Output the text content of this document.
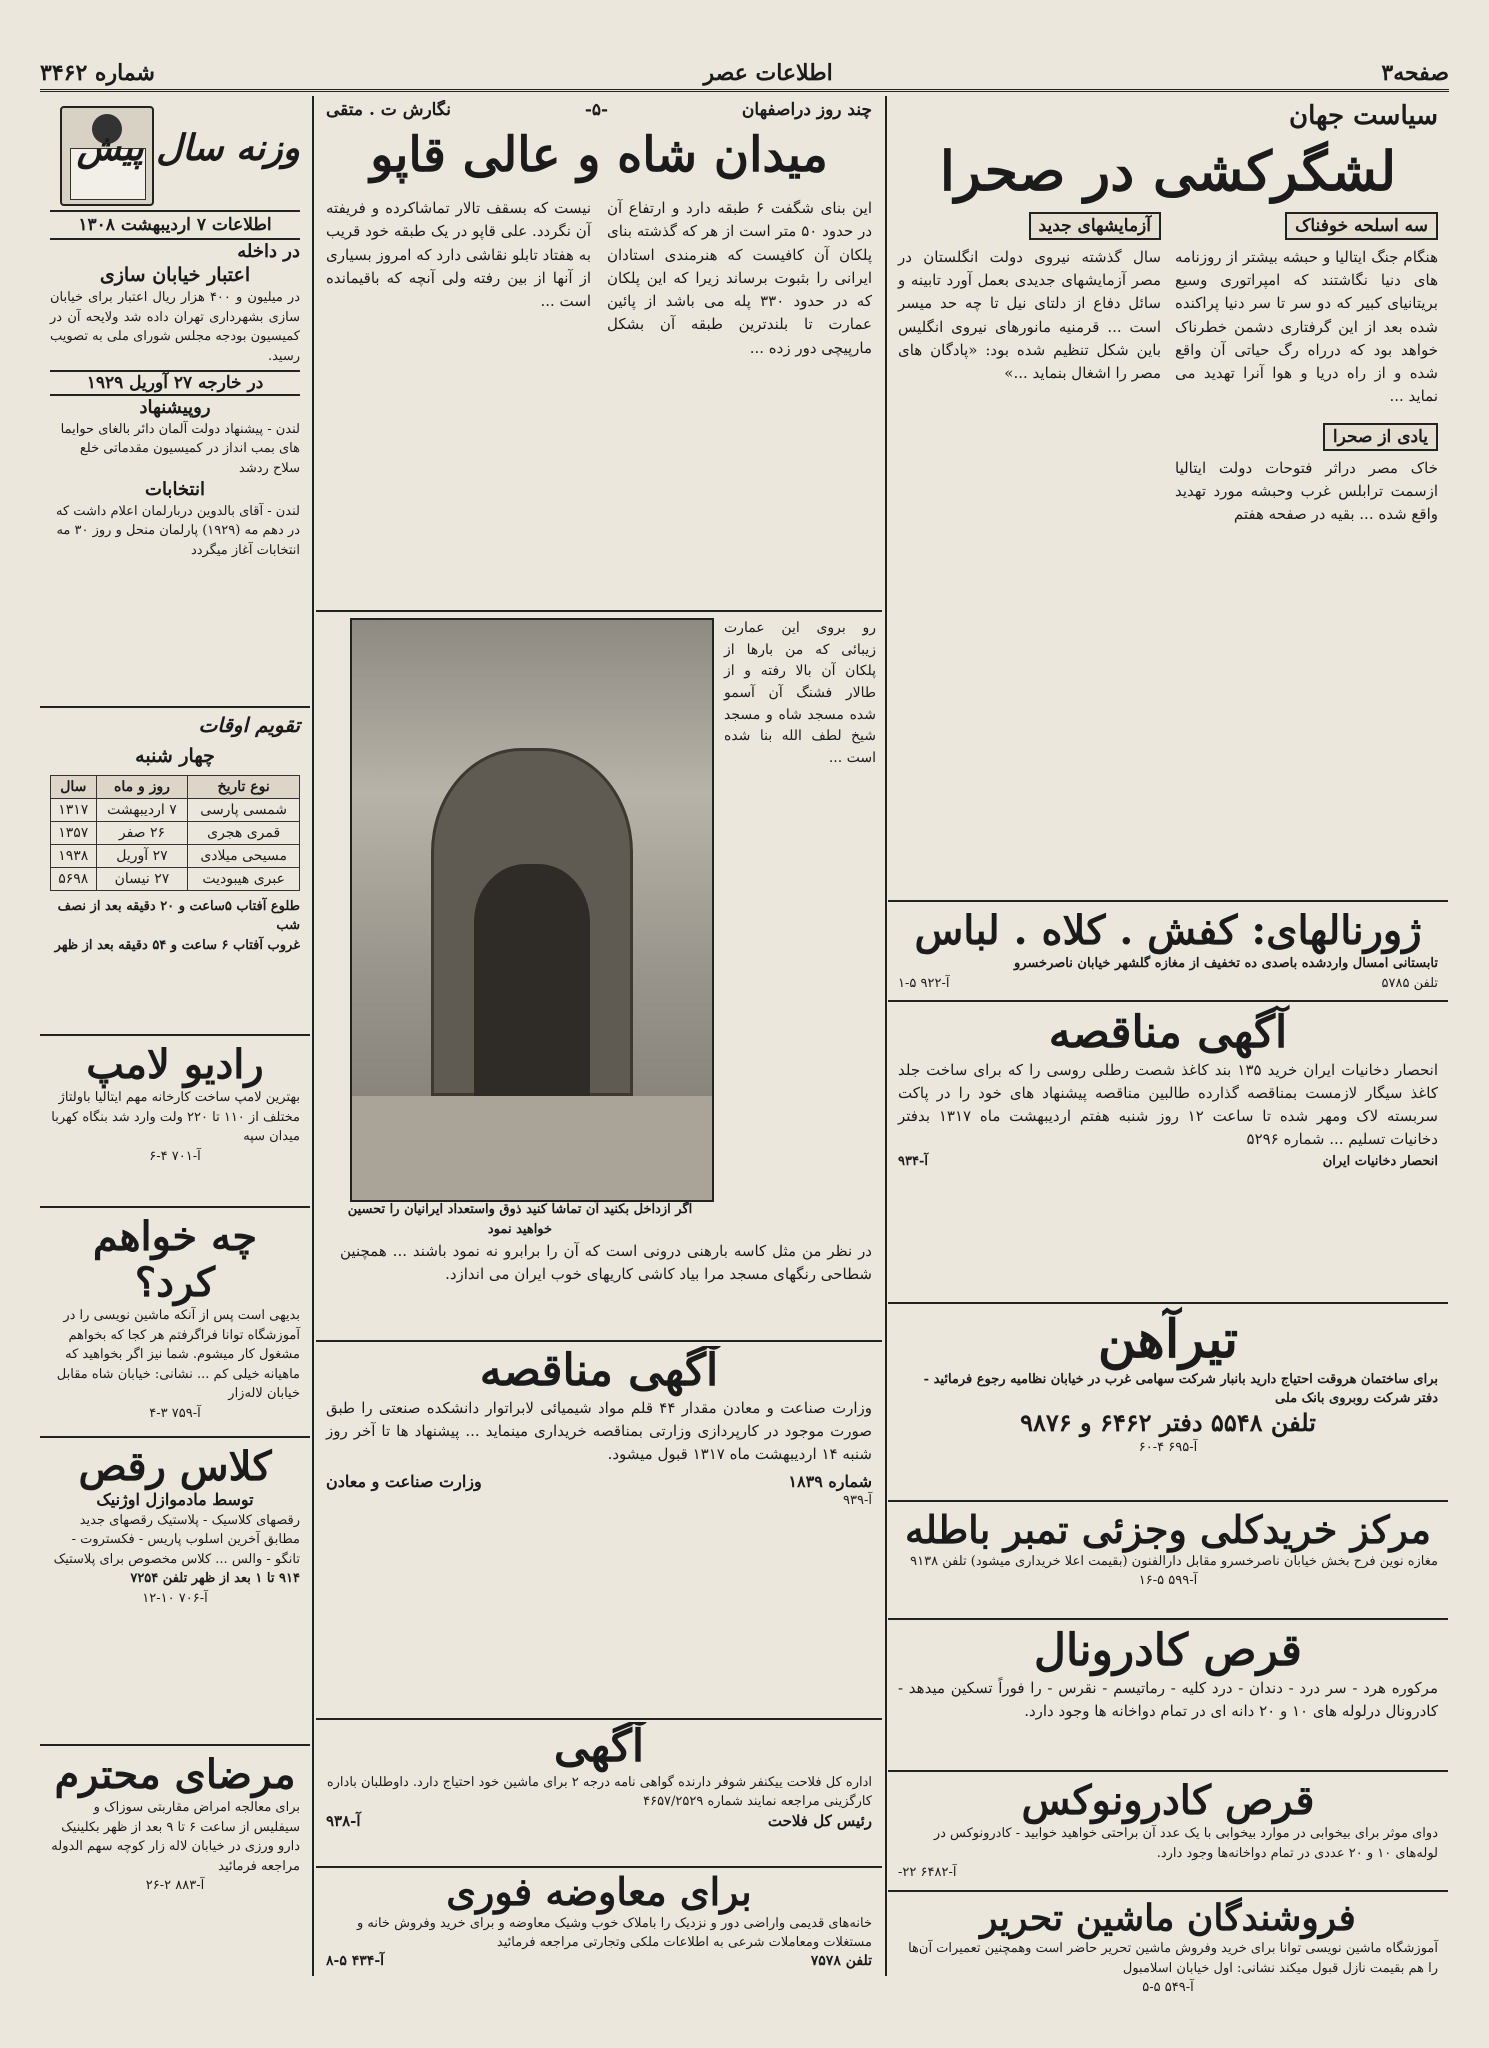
صفحه۳
اطلاعات عصر
شماره ۳۴۶۲
سیاست جهان
لشگرکشی در صحرا
سه اسلحه خوفناک
هنگام جنگ ایتالیا و حبشه بیشتر از روزنامه های دنیا نگاشتند که امپراتوری وسیع بریتانیای کبیر که دو سر تا سر دنیا پراکنده شده بعد از این گرفتاری دشمن خطرناک خواهد بود که درراه رگ حیاتی آن واقع شده و از راه دریا و هوا آنرا تهدید می نماید ...
یادی از صحرا
خاک مصر دراثر فتوحات دولت ایتالیا ازسمت ترابلس غرب وحبشه مورد تهدید واقع شده ... بقیه در صفحه هفتم
آزمایشهای جدید
سال گذشته نیروی دولت انگلستان در مصر آزمایشهای جدیدی بعمل آورد تابینه و سائل دفاع از دلتای نیل تا چه حد میسر است ... قرمنیه مانورهای نیروی انگلیس باین شکل تنظیم شده بود: «پادگان های مصر را اشغال بنماید ...»
ژورنالهای: کفش . کلاه . لباس
تابستانی امسال واردشده باصدی ده تخفیف از مغازه گلشهر خیابان ناصرخسرو
تلفن ۵۷۸۵
آ-۹۲۲ ۵-۱
آگهی مناقصه
انحصار دخانیات ایران خرید ۱۳۵ بند کاغذ شصت رطلی روسی را که برای ساخت جلد کاغذ سیگار لازمست بمناقصه گذارده طالبین مناقصه پیشنهاد های خود را در پاکت سربسته لاک ومهر شده تا ساعت ۱۲ روز شنبه هفتم اردیبهشت ماه ۱۳۱۷ بدفتر دخانیات تسلیم ... شماره ۵۲۹۶
انحصار دخانیات ایران
آ-۹۳۴
تیرآهن
برای ساختمان هروقت احتیاج دارید بانبار شرکت سهامی غرب در خیابان نظامیه رجوع فرمائید - دفتر شرکت روبروی بانک ملی
تلفن ۵۵۴۸ دفتر ۶۴۶۲ و ۹۸۷۶
آ-۶۹۵ ۴-۶۰
مرکز خریدکلی وجزئی تمبر باطله
مغازه نوین فرح بخش خیابان ناصرخسرو مقابل دارالفنون (بقیمت اعلا خریداری میشود) تلفن ۹۱۳۸
آ-۵۹۹ ۵-۱۶
قرص کادرونال
مرکوره هرد - سر درد - دندان - درد کلیه - رماتیسم - نقرس - را فوراً تسکین میدهد - کادرونال درلوله های ۱۰ و ۲۰ دانه ای در تمام دواخانه ها وجود دارد.
قرص کادرونوکس
دوای موثر برای بیخوابی در موارد بیخوابی با یک عدد آن براحتی خواهید خوابید - کادرونوکس در لوله‌های ۱۰ و ۲۰ عددی در تمام دواخانه‌ها وجود دارد.
آ-۶۴۸۲ ۲۲-
فروشندگان ماشین تحریر
آموزشگاه ماشین نویسی توانا برای خرید وفروش ماشین تحریر حاضر است وهمچنین تعمیرات آن‌ها را هم بقیمت نازل قبول میکند نشانی: اول خیابان اسلامبول
آ-۵۴۹ ۵-۵
چند روز دراصفهان
-۵-
نگارش ت . متقی
میدان شاه و عالی قاپو
این بنای شگفت ۶ طبقه دارد و ارتفاع آن در حدود ۵۰ متر است از هر که گذشته بنای پلکان آن کافیست که هنرمندی استادان ایرانی را بثبوت برساند زیرا که این پلکان که در حدود ۳۳۰ پله می باشد از پائین عمارت تا بلندترین طبقه آن بشکل مارپیچی دور زده ...
نیست که بسقف تالار تماشاکرده و فریفته آن نگردد. علی قاپو در یک طبقه خود قریب به هفتاد تابلو نقاشی دارد که امروز بسیاری از آنها از بین رفته ولی آنچه که باقیمانده است ...
رو بروی این عمارت زیبائی که من بارها از پلکان آن بالا رفته و از طالار فشنگ آن آسمو شده مسجد شاه و مسجد شیخ لطف الله بنا شده است ...
اگر ازداخل بکنید آن تماشا کنید ذوق واستعداد ایرانیان را تحسین خواهید نمود
در نظر من مثل کاسه بارهنی درونی است که آن را برابرو نه نمود باشند ... همچنین شطاحی رنگهای مسجد مرا بیاد کاشی کاریهای خوب ایران می اندازد.
آگهی مناقصه
وزارت صناعت و معادن مقدار ۴۴ قلم مواد شیمیائی لابراتوار دانشکده صنعتی را طبق صورت موجود در کارپردازی وزارتی بمناقصه خریداری مینماید ... پیشنهاد ها تا آخر روز شنبه ۱۴ اردیبهشت ماه ۱۳۱۷ قبول میشود.
شماره ۱۸۳۹
وزارت صناعت و معادن
آ-۹۳۹
آگهی
اداره کل فلاحت ییکنفر شوفر دارنده گواهی نامه درجه ۲ برای ماشین خود احتیاج دارد. داوطلبان باداره کارگزینی مراجعه نمایند شماره ۴۶۵۷/۲۵۲۹
رئیس کل فلاحت
آ-۹۳۸
برای معاوضه فوری
خانه‌های قدیمی واراضی دور و نزدیک را باملاک خوب وشیک معاوضه و برای خرید وفروش خانه و مستغلات ومعاملات شرعی به اطلاعات ملکی وتجارتی مراجعه فرمائید
تلفن ۷۵۷۸
آ-۴۳۴ ۵-۸
وزنه سال پیش
اطلاعات ۷ اردیبهشت ۱۳۰۸
در داخله
اعتبار خیابان سازی
در میلیون و ۴۰۰ هزار ریال اعتبار برای خیابان سازی بشهرداری تهران داده شد ولایحه آن در کمیسیون بودجه مجلس شورای ملی به تصویب رسید.
در خارجه ۲۷ آوریل ۱۹۲۹
روپیشنهاد
لندن - پیشنهاد دولت آلمان دائر بالغای حوایما های بمب انداز در کمیسیون مقدماتی خلع سلاح ردشد
انتخابات
لندن - آقای بالدوین دربارلمان اعلام داشت که در دهم مه (۱۹۲۹) پارلمان منحل و روز ۳۰ مه انتخابات آغاز میگردد
تقویم اوقات
چهار شنبه
نوع تاریخ	روز و ماه	سال
شمسی پارسی	۷ اردیبهشت	۱۳۱۷
قمری هجری	۲۶ صفر	۱۳۵۷
مسیحی میلادی	۲۷ آوریل	۱۹۳۸
عبری هیبودیت	۲۷ نیسان	۵۶۹۸
طلوع آفتاب ۵ساعت و ۲۰ دقیقه بعد از نصف شب
غروب آفتاب ۶ ساعت و ۵۴ دقیقه بعد از ظهر
رادیو لامپ
بهترین لامپ ساخت کارخانه مهم ایتالیا باولتاژ مختلف از ۱۱۰ تا ۲۲۰ ولت وارد شد بنگاه کهربا میدان سپه
آ-۷۰۱ ۴-۶
چه خواهم کرد؟
بدیهی است پس از آنکه ماشین نویسی را در آموزشگاه توانا فراگرفتم هر کجا که بخواهم مشغول کار میشوم. شما نیز اگر بخواهید که ماهیانه خیلی کم ... نشانی: خیابان شاه مقابل خیابان لاله‌زار
آ-۷۵۹ ۳-۴
کلاس رقص
توسط مادموازل اوژنیک
رقصهای کلاسیک - پلاستیک رقصهای جدید مطابق آخرین اسلوب پاریس - فکستروت - تانگو - والس ... کلاس مخصوص برای پلاستیک
۹۱۴ تا ۱ بعد از ظهر تلفن ۷۲۵۴
آ-۷۰۶ ۱۰-۱۲
مرضای محترم
برای معالجه امراض مقاربتی سوزاک و سیفلیس از ساعت ۶ تا ۹ بعد از ظهر بکلینیک دارو ورزی در خیابان لاله زار کوچه سهم الدوله مراجعه فرمائید
آ-۸۸۳ ۲-۲۶
